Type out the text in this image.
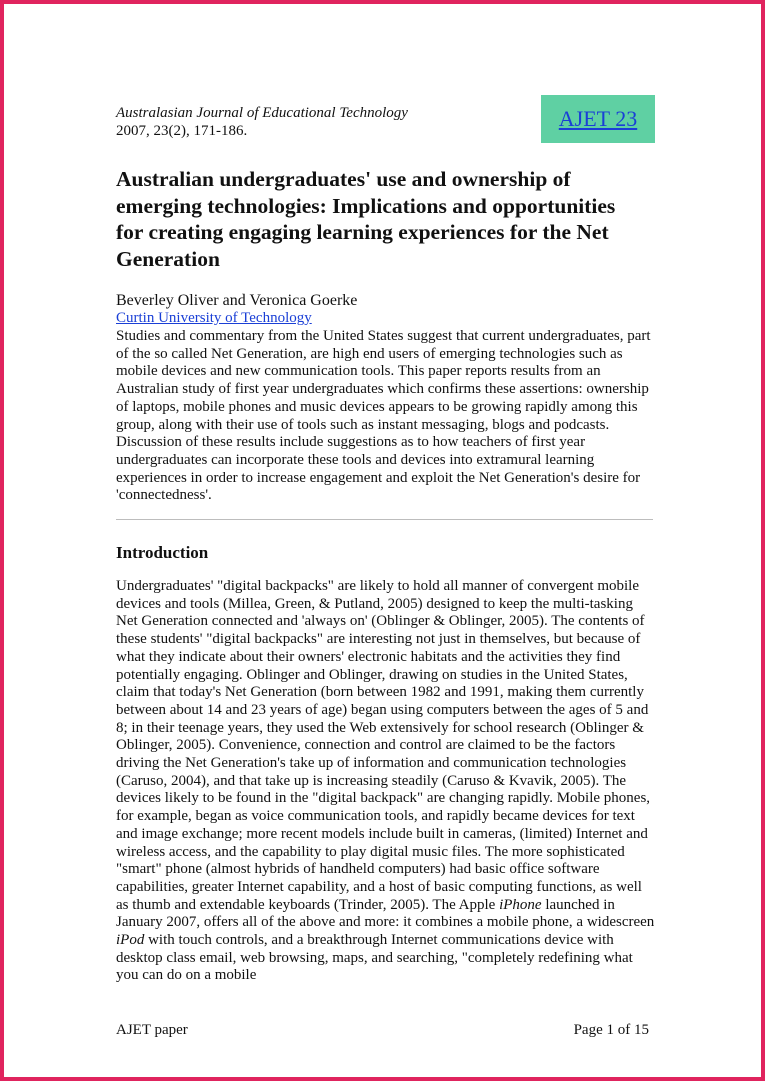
Australasian Journal of Educational Technology
2007, 23(2), 171-186.	AJET 23
Australian undergraduates' use and ownership of emerging technologies: Implications and opportunities for creating engaging learning experiences for the Net Generation
Beverley Oliver and Veronica Goerke
Curtin University of Technology

Studies and commentary from the United States suggest that current undergraduates, part of the so called Net Generation, are high end users of emerging technologies such as mobile devices and new communication tools. This paper reports results from an Australian study of first year undergraduates which confirms these assertions: ownership of laptops, mobile phones and music devices appears to be growing rapidly among this group, along with their use of tools such as instant messaging, blogs and podcasts. Discussion of these results include suggestions as to how teachers of first year undergraduates can incorporate these tools and devices into extramural learning experiences in order to increase engagement and exploit the Net Generation's desire for 'connectedness'.

Introduction

Undergraduates' "digital backpacks" are likely to hold all manner of convergent mobile devices and tools (Millea, Green, & Putland, 2005) designed to keep the multi-tasking Net Generation connected and 'always on' (Oblinger & Oblinger, 2005). The contents of these students' "digital backpacks" are interesting not just in themselves, but because of what they indicate about their owners' electronic habitats and the activities they find potentially engaging. Oblinger and Oblinger, drawing on studies in the United States, claim that today's Net Generation (born between 1982 and 1991, making them currently between about 14 and 23 years of age) began using computers between the ages of 5 and 8; in their teenage years, they used the Web extensively for school research (Oblinger & Oblinger, 2005). Convenience, connection and control are claimed to be the factors driving the Net Generation's take up of information and communication technologies (Caruso, 2004), and that take up is increasing steadily (Caruso & Kvavik, 2005). The devices likely to be found in the "digital backpack" are changing rapidly. Mobile phones, for example, began as voice communication tools, and rapidly became devices for text and image exchange; more recent models include built in cameras, (limited) Internet and wireless access, and the capability to play digital music files. The more sophisticated "smart" phone (almost hybrids of handheld computers) had basic office software capabilities, greater Internet capability, and a host of basic computing functions, as well as thumb and extendable keyboards (Trinder, 2005). The Apple iPhone launched in January 2007, offers all of the above and more: it combines a mobile phone, a widescreen iPod with touch controls, and a breakthrough Internet communications device with desktop class email, web browsing, maps, and searching, "completely redefining what you can do on a mobile

AJET paper	Page 1 of 15
